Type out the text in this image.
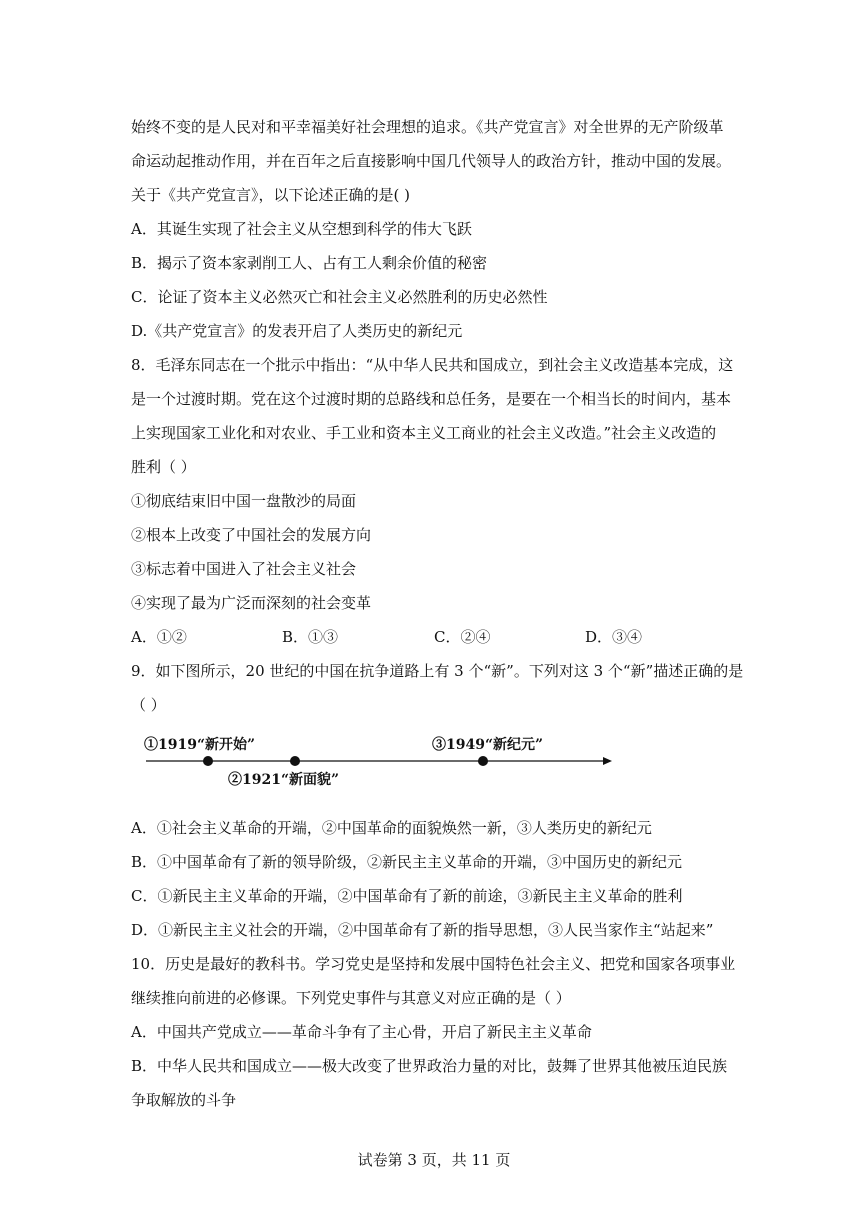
始终不变的是人民对和平幸福美好社会理想的追求。《共产党宣言》对全世界的无产阶级革
命运动起推动作用，并在百年之后直接影响中国几代领导人的政治方针，推动中国的发展。
关于《共产党宣言》，以下论述正确的是( )
A．其诞生实现了社会主义从空想到科学的伟大飞跃
B．揭示了资本家剥削工人、占有工人剩余价值的秘密
C．论证了资本主义必然灭亡和社会主义必然胜利的历史必然性
D.《共产党宣言》的发表开启了人类历史的新纪元
8．毛泽东同志在一个批示中指出：“从中华人民共和国成立，到社会主义改造基本完成，这
是一个过渡时期。党在这个过渡时期的总路线和总任务，是要在一个相当长的时间内，基本
上实现国家工业化和对农业、手工业和资本主义工商业的社会主义改造。”社会主义改造的
胜利（ ）
①彻底结束旧中国一盘散沙的局面
②根本上改变了中国社会的发展方向
③标志着中国进入了社会主义社会
④实现了最为广泛而深刻的社会变革
A．①②	B．①③	C．②④	D．③④
9．如下图所示，20 世纪的中国在抗争道路上有 3 个“新”。下列对这 3 个“新”描述正确的是
（ ）
①1919“新开始”
②1921“新面貌”
③1949“新纪元”
A．①社会主义革命的开端，②中国革命的面貌焕然一新，③人类历史的新纪元
B．①中国革命有了新的领导阶级，②新民主主义革命的开端，③中国历史的新纪元
C．①新民主主义革命的开端，②中国革命有了新的前途，③新民主主义革命的胜利
D．①新民主主义社会的开端，②中国革命有了新的指导思想，③人民当家作主“站起来”
10．历史是最好的教科书。学习党史是坚持和发展中国特色社会主义、把党和国家各项事业
继续推向前进的必修课。下列党史事件与其意义对应正确的是（ ）
A．中国共产党成立——革命斗争有了主心骨，开启了新民主主义革命
B．中华人民共和国成立——极大改变了世界政治力量的对比，鼓舞了世界其他被压迫民族
争取解放的斗争
试卷第 3 页，共 11 页
